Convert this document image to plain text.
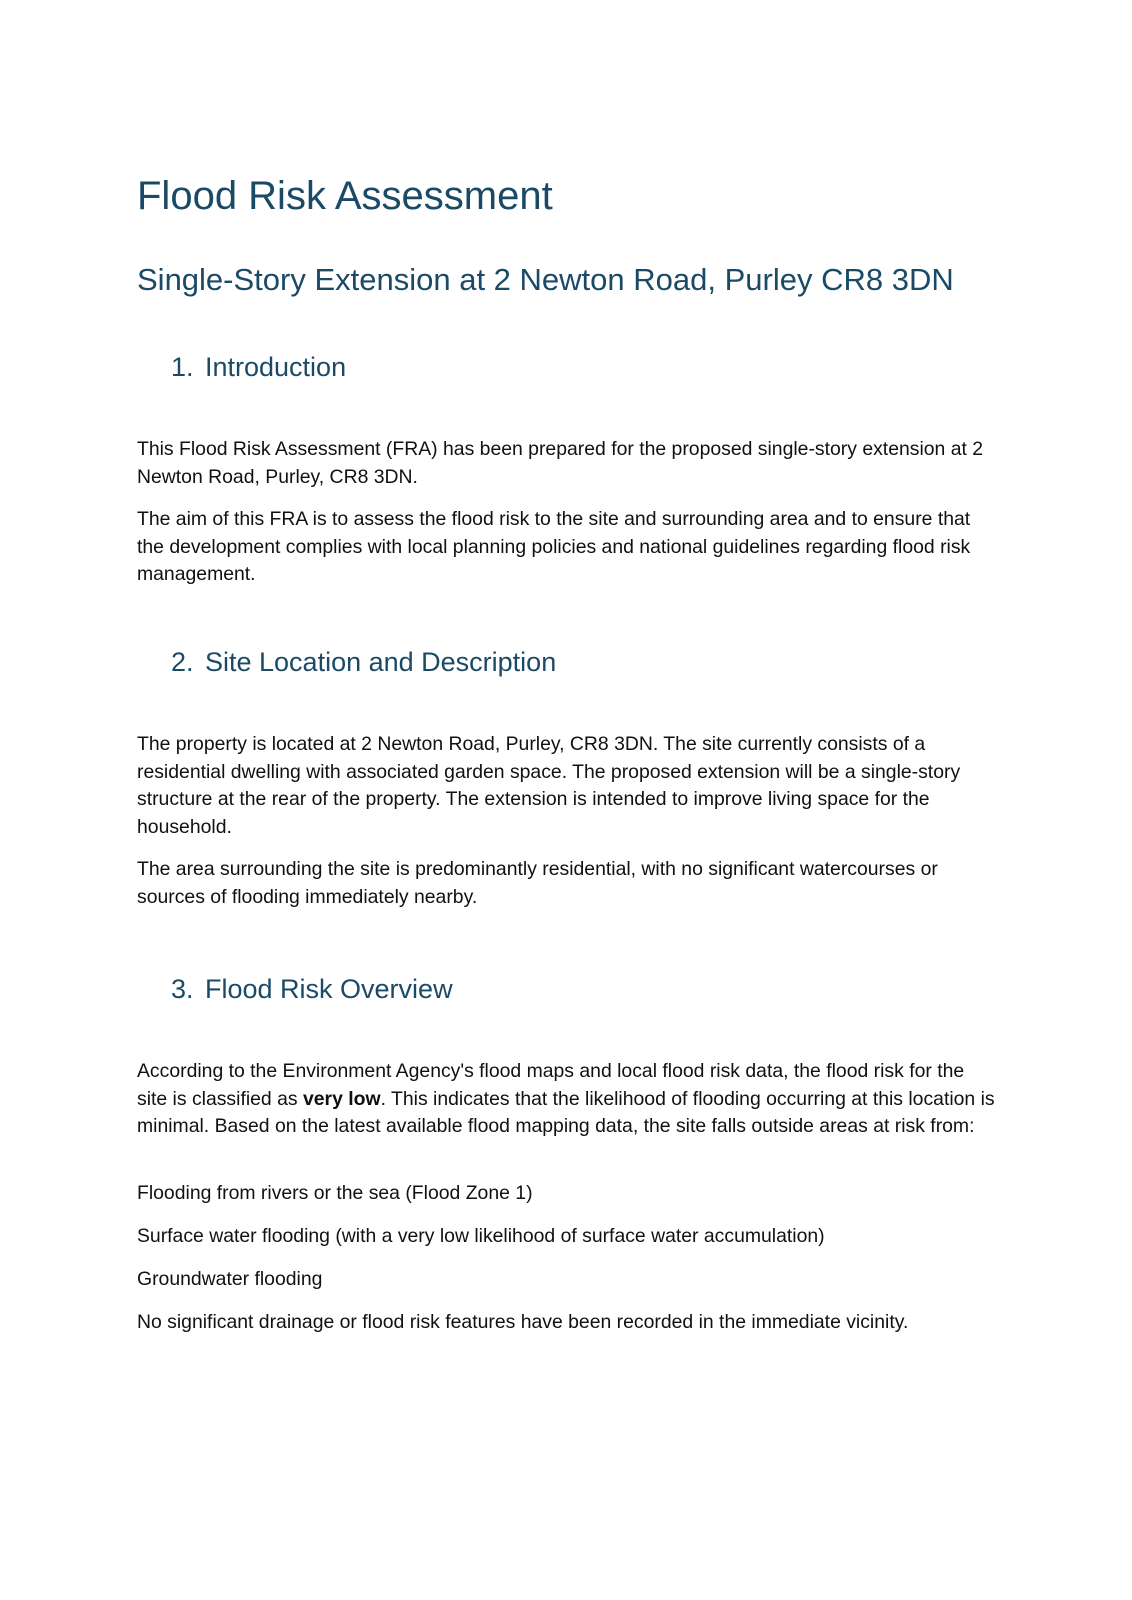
Flood Risk Assessment
Single-Story Extension at 2 Newton Road, Purley CR8 3DN
1. Introduction

This Flood Risk Assessment (FRA) has been prepared for the proposed single-story extension at 2 Newton Road, Purley, CR8 3DN.

The aim of this FRA is to assess the flood risk to the site and surrounding area and to ensure that the development complies with local planning policies and national guidelines regarding flood risk management.

2. Site Location and Description

The property is located at 2 Newton Road, Purley, CR8 3DN. The site currently consists of a residential dwelling with associated garden space. The proposed extension will be a single-story structure at the rear of the property. The extension is intended to improve living space for the household.

The area surrounding the site is predominantly residential, with no significant watercourses or sources of flooding immediately nearby.

3. Flood Risk Overview

According to the Environment Agency's flood maps and local flood risk data, the flood risk for the site is classified as very low. This indicates that the likelihood of flooding occurring at this location is minimal. Based on the latest available flood mapping data, the site falls outside areas at risk from:

Flooding from rivers or the sea (Flood Zone 1)

Surface water flooding (with a very low likelihood of surface water accumulation)

Groundwater flooding

No significant drainage or flood risk features have been recorded in the immediate vicinity.
